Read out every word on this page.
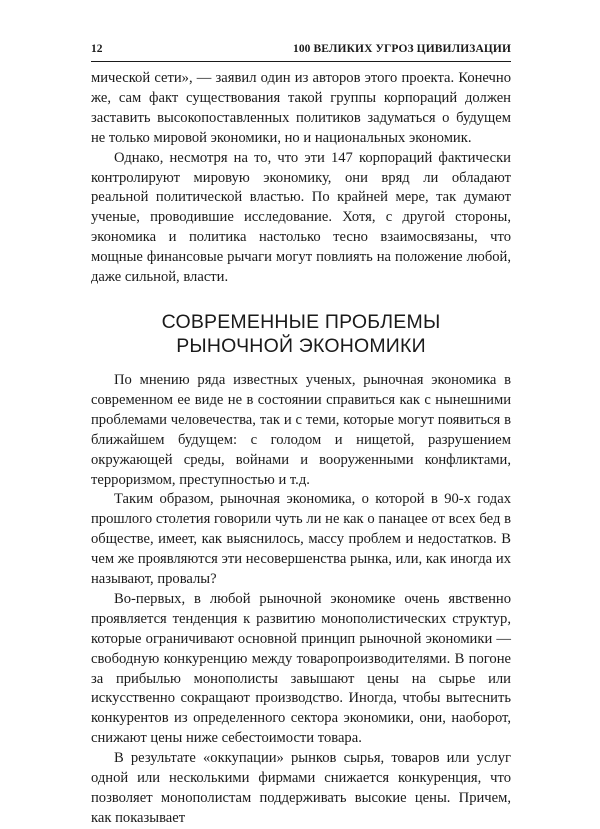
12	100 ВЕЛИКИХ УГРОЗ ЦИВИЛИЗАЦИИ

мической сети», — заявил один из авторов этого проекта. Конечно же, сам факт существования такой группы корпораций должен заставить высокопоставленных политиков задуматься о будущем не только мировой экономики, но и национальных экономик.

Однако, несмотря на то, что эти 147 корпораций фактически контролируют мировую экономику, они вряд ли обладают реальной политической властью. По крайней мере, так думают ученые, проводившие исследование. Хотя, с другой стороны, экономика и политика настолько тесно взаимосвязаны, что мощные финансовые рычаги могут повлиять на положение любой, даже сильной, власти.

СОВРЕМЕННЫЕ ПРОБЛЕМЫ
РЫНОЧНОЙ ЭКОНОМИКИ

По мнению ряда известных ученых, рыночная экономика в современном ее виде не в состоянии справиться как с нынешними проблемами человечества, так и с теми, которые могут появиться в ближайшем будущем: с голодом и нищетой, разрушением окружающей среды, войнами и вооруженными конфликтами, терроризмом, преступностью и т.д.

Таким образом, рыночная экономика, о которой в 90-х годах прошлого столетия говорили чуть ли не как о панацее от всех бед в обществе, имеет, как выяснилось, массу проблем и недостатков. В чем же проявляются эти несовершенства рынка, или, как иногда их называют, провалы?

Во-первых, в любой рыночной экономике очень явственно проявляется тенденция к развитию монополистических структур, которые ограничивают основной принцип рыночной экономики — свободную конкуренцию между товаропроизводителями. В погоне за прибылью монополисты завышают цены на сырье или искусственно сокращают производство. Иногда, чтобы вытеснить конкурентов из определенного сектора экономики, они, наоборот, снижают цены ниже себестоимости товара.

В результате «оккупации» рынков сырья, товаров или услуг одной или несколькими фирмами снижается конкуренция, что позволяет монополистам поддерживать высокие цены. Причем, как показывает
